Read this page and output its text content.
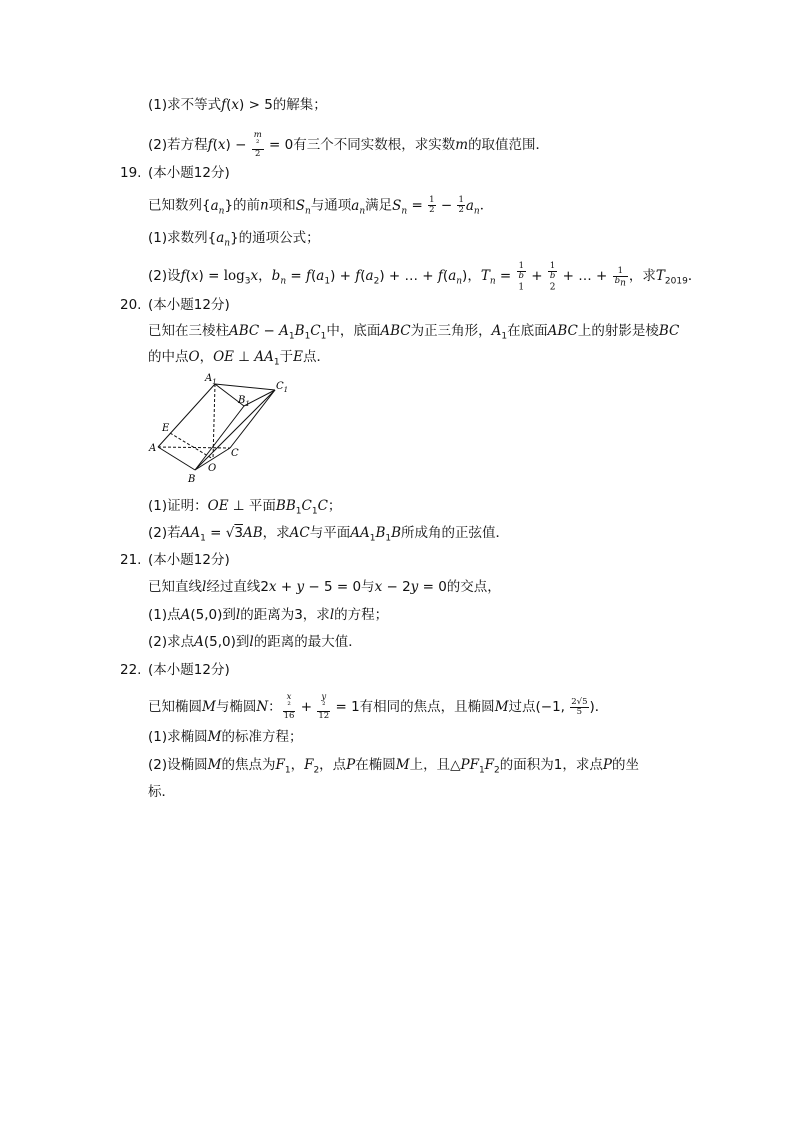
(1)求不等式f(x) > 5的解集；
(2)若方程f(x) − m
²
2 = 0有三个不同实数根，求实数m的取值范围．
19. (本小题12分)
已知数列$\{a_n\}$的前n项和$S_n$与通项$a_n$满足$S_n = \frac{1}{2} - \frac{1}{2} a_n$．
(1)求数列$\{a_n\}$的通项公式；
(2)设$f(x) = \log_3x$，$b_n = f(a_1) + f(a_2)$ + … + $f(a_n)$，$T_n = 1$
b
$_1$ + 1
b
$_2$ + … + $\frac{1}{b_n}$ ，求$T_{2019}$．
20. (本小题12分)
已知在三棱柱ABC − $A_1B_1C_1$中，底面ABC为正三角形，$A_1$在底面ABC上的射影是棱BC
的中点O，OE ⊥ $AA_1$于E点．
$A_1$	$C_1$
$B_1$
E
A	C
O
B
(1)证明：OE ⊥ 平面$BB_1C_1C$；
(2)若$AA_1 = √3AB$，求AC与平面$AA_1B_1B$所成角的正弦值．
21. (本小题12分)
已知直线l经过直线2x + y − 5 = 0与x − 2y = 0的交点，
(1)点A(5,0)到l的距离为3，求l的方程；
(2)求点A(5,0)到l的距离的最大值．
22. (本小题12分)
已知椭圆M与椭圆N： x
²
16 + y
²
12 = 1有相同的焦点，且椭圆M过点(−1, $\frac{2√5}{5}$ )．
(1)求椭圆M的标准方程；
(2)设椭圆M的焦点为$F_1$，$F_2$，点P在椭圆M上，且$\triangle PF_1F_2$的面积为1，求点P的坐
标．
